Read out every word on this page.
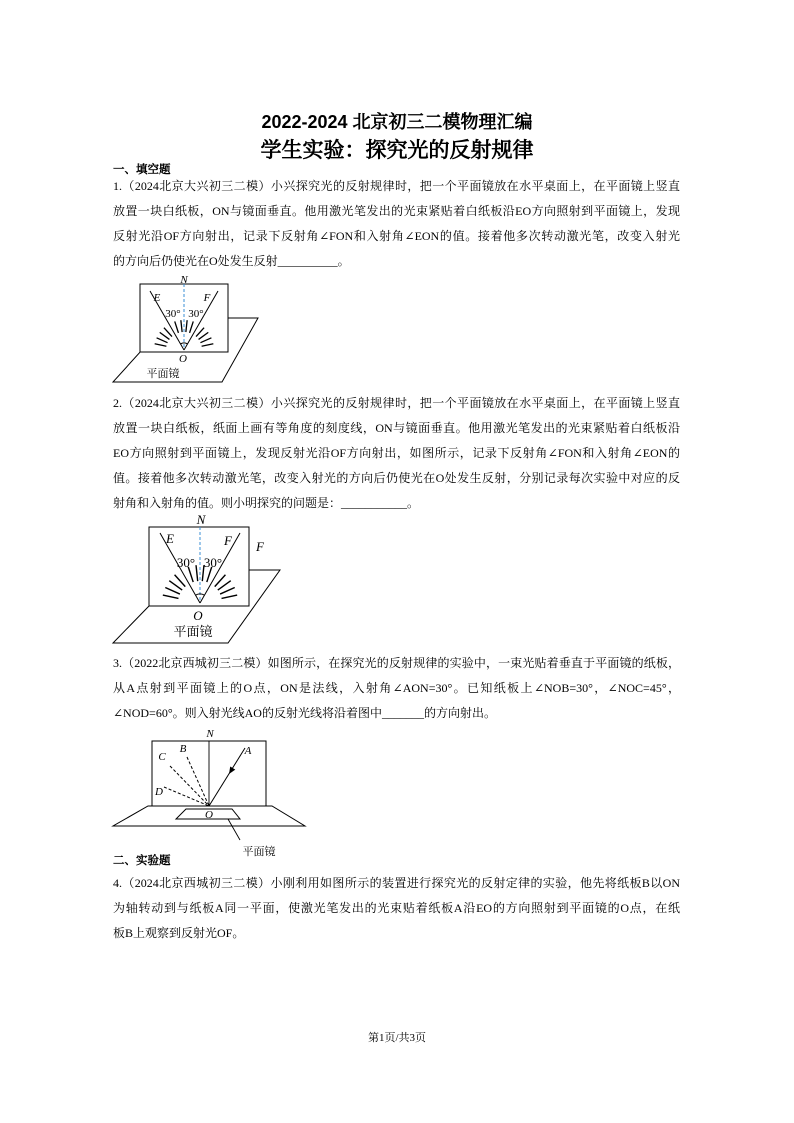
2022-2024 北京初三二模物理汇编
学生实验：探究光的反射规律
一、填空题
1.（2024北京大兴初三二模）小兴探究光的反射规律时，把一个平面镜放在水平桌面上，在平面镜上竖直
放置一块白纸板，ON与镜面垂直。他用激光笔发出的光束紧贴着白纸板沿EO方向照射到平面镜上，发现
反射光沿OF方向射出，记录下反射角∠FON和入射角∠EON的值。接着他多次转动激光笔，改变入射光
的方向后仍使光在O处发生反射__________。
N
E	F
30° 30°
O
平面镜
2.（2024北京大兴初三二模）小兴探究光的反射规律时，把一个平面镜放在水平桌面上，在平面镜上竖直
放置一块白纸板，纸面上画有等角度的刻度线，ON与镜面垂直。他用激光笔发出的光束紧贴着白纸板沿
EO方向照射到平面镜上，发现反射光沿OF方向射出，如图所示，记录下反射角∠FON和入射角∠EON的
值。接着他多次转动激光笔，改变入射光的方向后仍使光在O处发生反射，分别记录每次实验中对应的反
射角和入射角的值。则小明探究的问题是：___________。
N
E	F F
30° 30°
O
平面镜
3.（2022北京西城初三二模）如图所示，在探究光的反射规律的实验中，一束光贴着垂直于平面镜的纸板，
从A点射到平面镜上的O点，ON是法线，入射角∠AON=30°。已知纸板上∠NOB=30°，∠NOC=45°，
∠NOD=60°。则入射光线AO的反射光线将沿着图中_______的方向射出。
N
A
B
C
D
O
平面镜
二、实验题
4.（2024北京西城初三二模）小刚利用如图所示的装置进行探究光的反射定律的实验，他先将纸板B以ON
为轴转动到与纸板A同一平面，使激光笔发出的光束贴着纸板A沿EO的方向照射到平面镜的O点，在纸
板B上观察到反射光OF。
第1页/共3页
